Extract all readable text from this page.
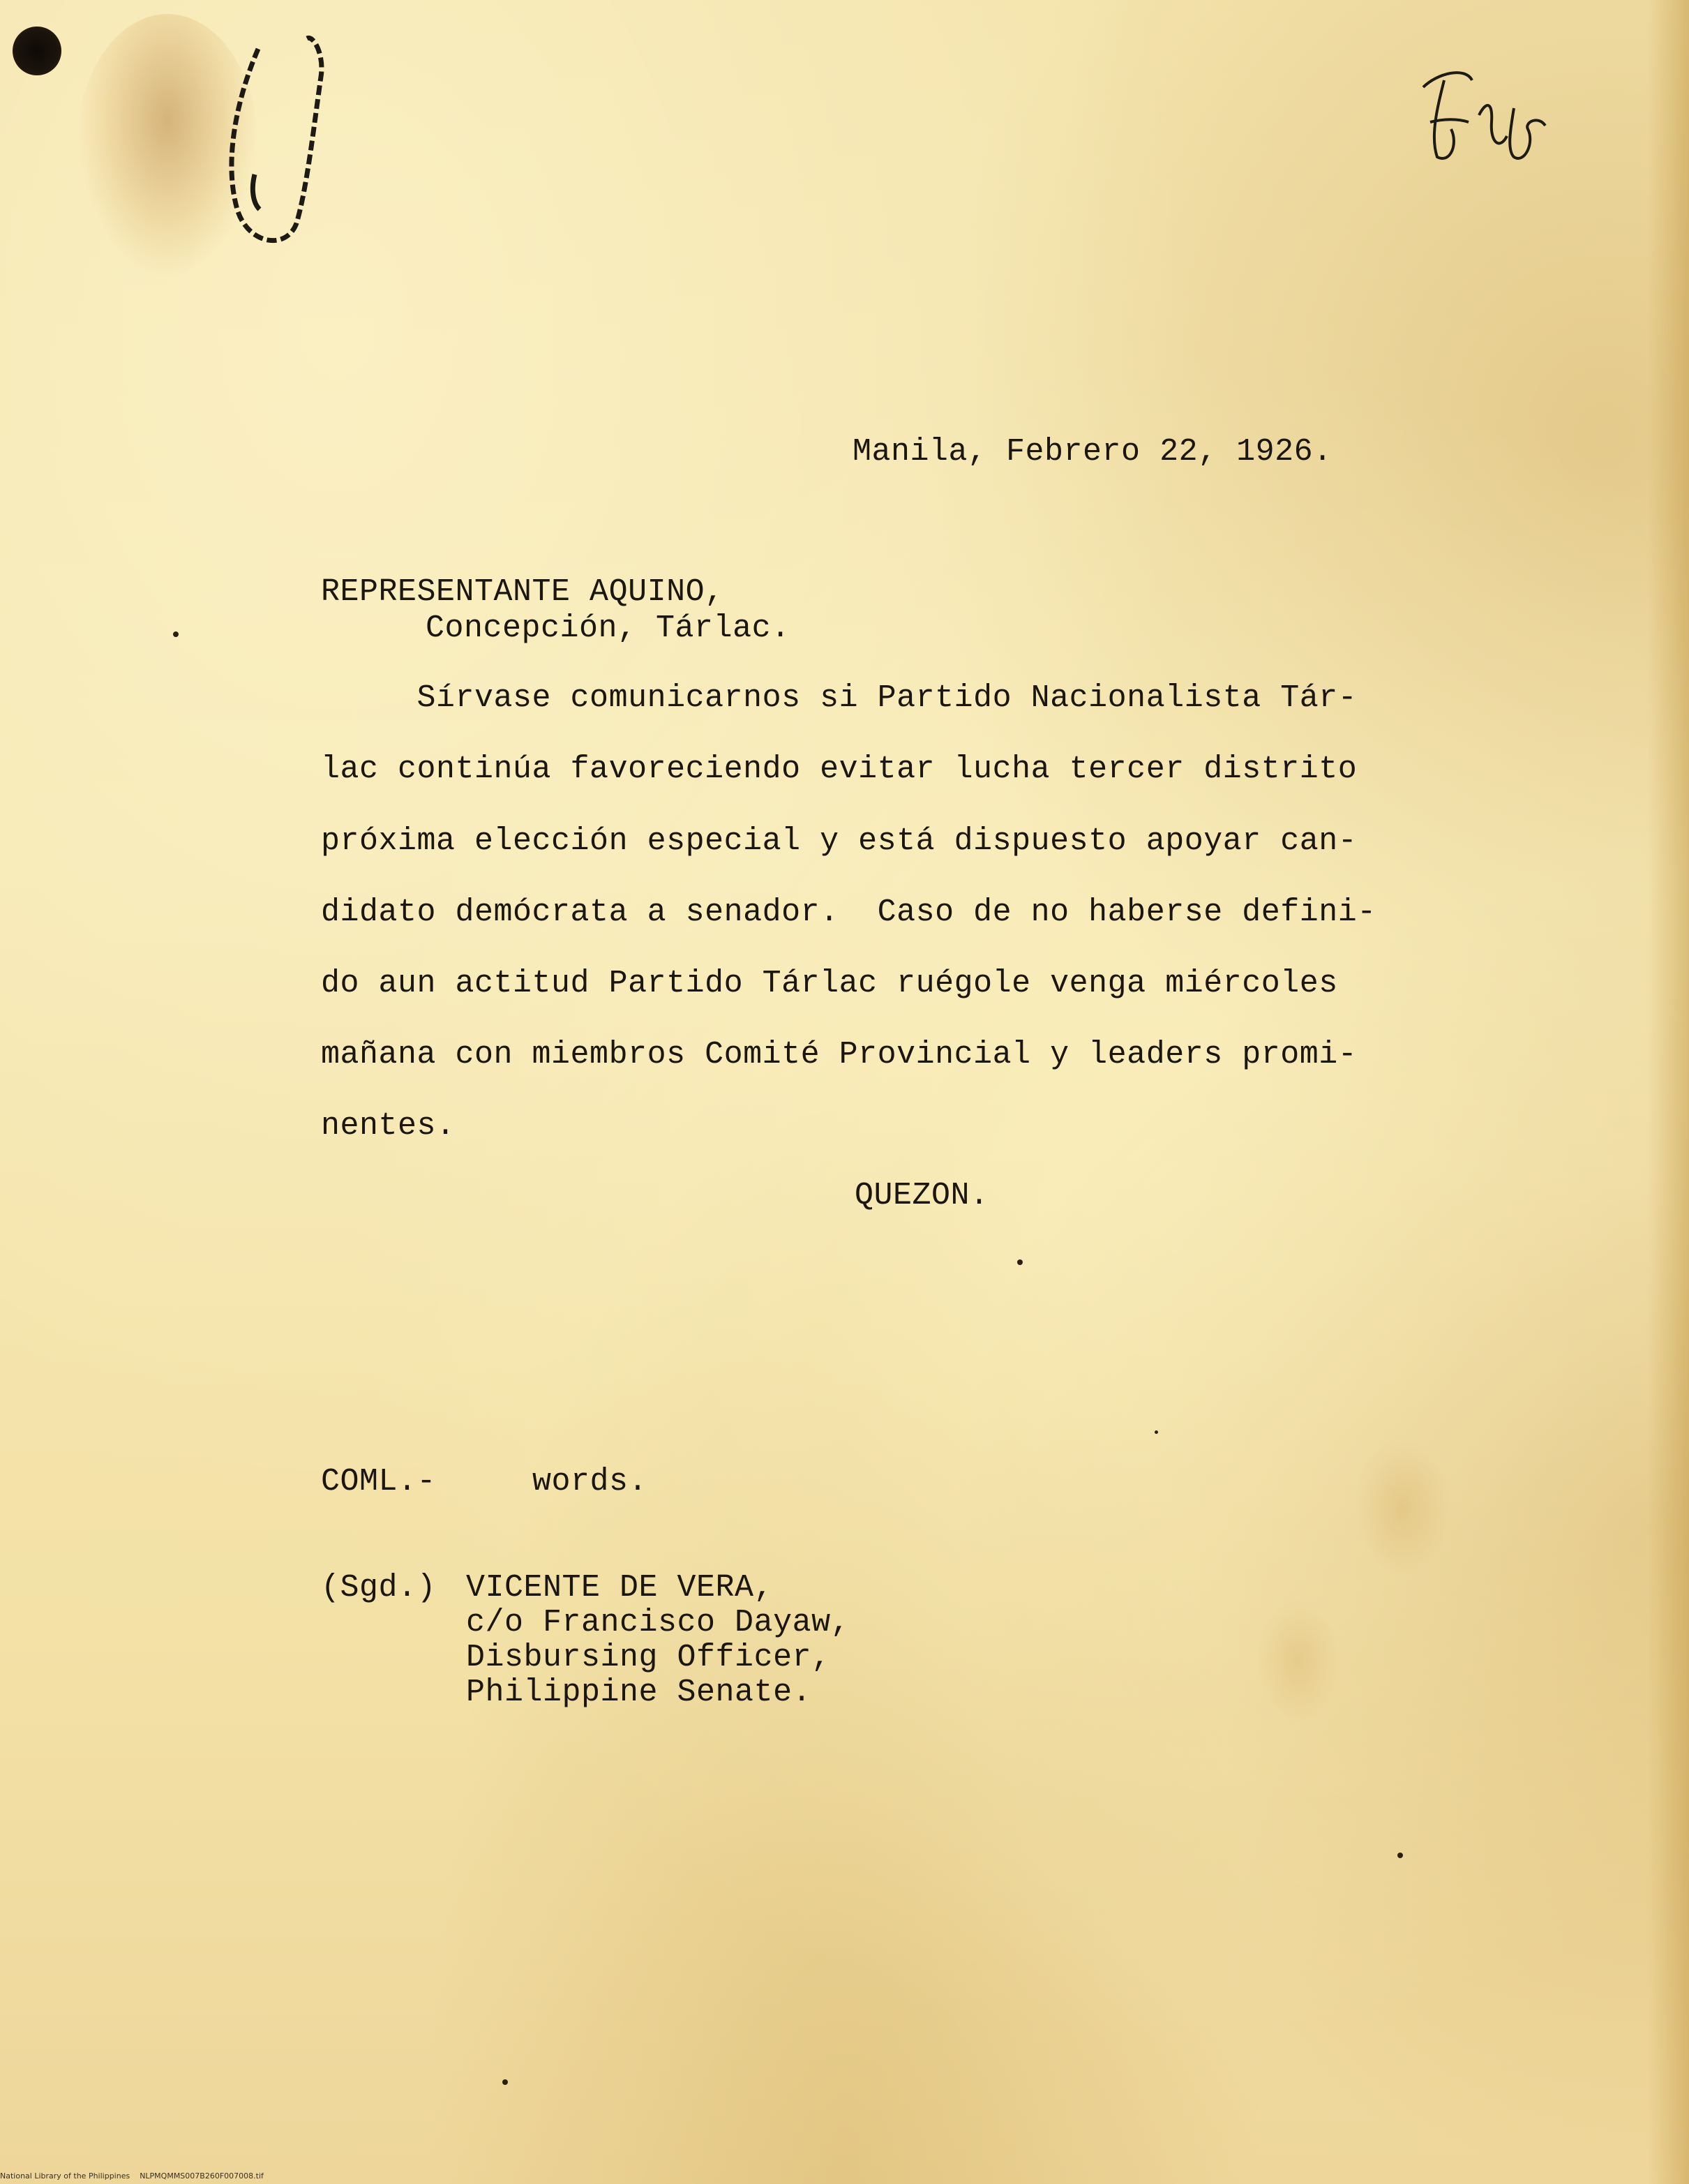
Manila, Febrero 22, 1926.
REPRESENTANTE AQUINO,
Concepción, Tárlac.
Sírvase comunicarnos si Partido Nacionalista Tár-
lac continúa favoreciendo evitar lucha tercer distrito
próxima elección especial y está dispuesto apoyar can-
didato demócrata a senador.  Caso de no haberse defini-
do aun actitud Partido Tárlac ruégole venga miércoles
mañana con miembros Comité Provincial y leaders promi-
nentes.
QUEZON.
COML.-	words.
(Sgd.) VICENTE DE VERA,
c/o Francisco Dayaw,
Disbursing Officer,
Philippine Senate.
National Library of the Philippines    NLPMQMMS007B260F007008.tif
